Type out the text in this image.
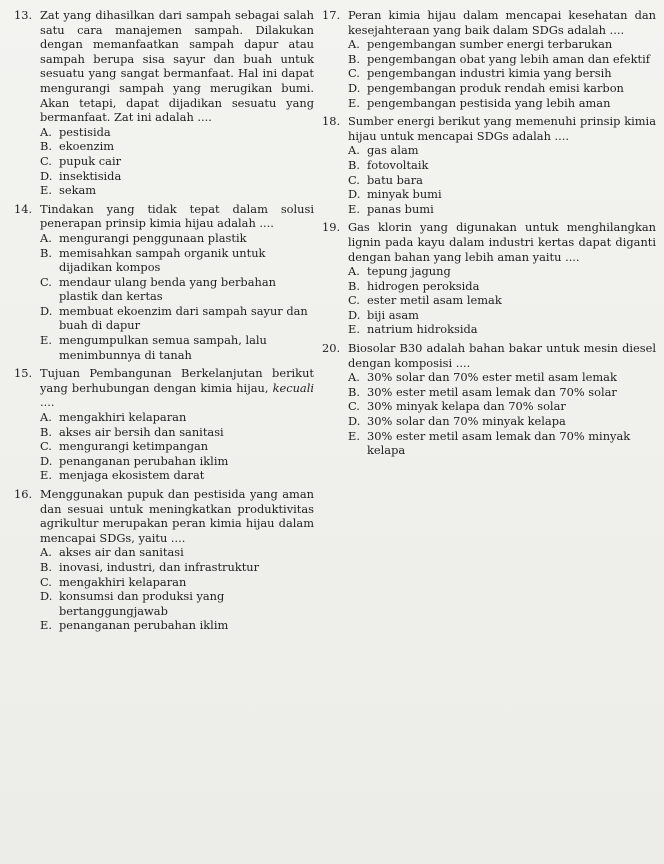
13. Zat yang dihasilkan dari sampah sebagai salah satu cara manajemen sampah. Dilakukan dengan memanfaatkan sampah dapur atau sampah berupa sisa sayur dan buah untuk sesuatu yang sangat bermanfaat. Hal ini dapat mengurangi sampah yang merugikan bumi. Akan tetapi, dapat dijadikan sesuatu yang bermanfaat. Zat ini adalah ....
A. pestisida
B. ekoenzim
C. pupuk cair
D. insektisida
E. sekam
14. Tindakan yang tidak tepat dalam solusi penerapan prinsip kimia hijau adalah ....
A. mengurangi penggunaan plastik
B. memisahkan sampah organik untuk dijadikan kompos
C. mendaur ulang benda yang berbahan plastik dan kertas
D. membuat ekoenzim dari sampah sayur dan buah di dapur
E. mengumpulkan semua sampah, lalu menimbunnya di tanah
15. Tujuan Pembangunan Berkelanjutan berikut yang berhubungan dengan kimia hijau, kecuali ....
A. mengakhiri kelaparan
B. akses air bersih dan sanitasi
C. mengurangi ketimpangan
D. penanganan perubahan iklim
E. menjaga ekosistem darat
16. Menggunakan pupuk dan pestisida yang aman dan sesuai untuk meningkatkan produktivitas agrikultur merupakan peran kimia hijau dalam mencapai SDGs, yaitu ....
A. akses air dan sanitasi
B. inovasi, industri, dan infrastruktur
C. mengakhiri kelaparan
D. konsumsi dan produksi yang bertanggungjawab
E. penanganan perubahan iklim
17. Peran kimia hijau dalam mencapai kesehatan dan kesejahteraan yang baik dalam SDGs adalah ....
A. pengembangan sumber energi terbarukan
B. pengembangan obat yang lebih aman dan efektif
C. pengembangan industri kimia yang bersih
D. pengembangan produk rendah emisi karbon
E. pengembangan pestisida yang lebih aman
18. Sumber energi berikut yang memenuhi prinsip kimia hijau untuk mencapai SDGs adalah ....
A. gas alam
B. fotovoltaik
C. batu bara
D. minyak bumi
E. panas bumi
19. Gas klorin yang digunakan untuk menghilangkan lignin pada kayu dalam industri kertas dapat diganti dengan bahan yang lebih aman yaitu ....
A. tepung jagung
B. hidrogen peroksida
C. ester metil asam lemak
D. biji asam
E. natrium hidroksida
20. Biosolar B30 adalah bahan bakar untuk mesin diesel dengan komposisi ....
A. 30% solar dan 70% ester metil asam lemak
B. 30% ester metil asam lemak dan 70% solar
C. 30% minyak kelapa dan 70% solar
D. 30% solar dan 70% minyak kelapa
E. 30% ester metil asam lemak dan 70% minyak kelapa
